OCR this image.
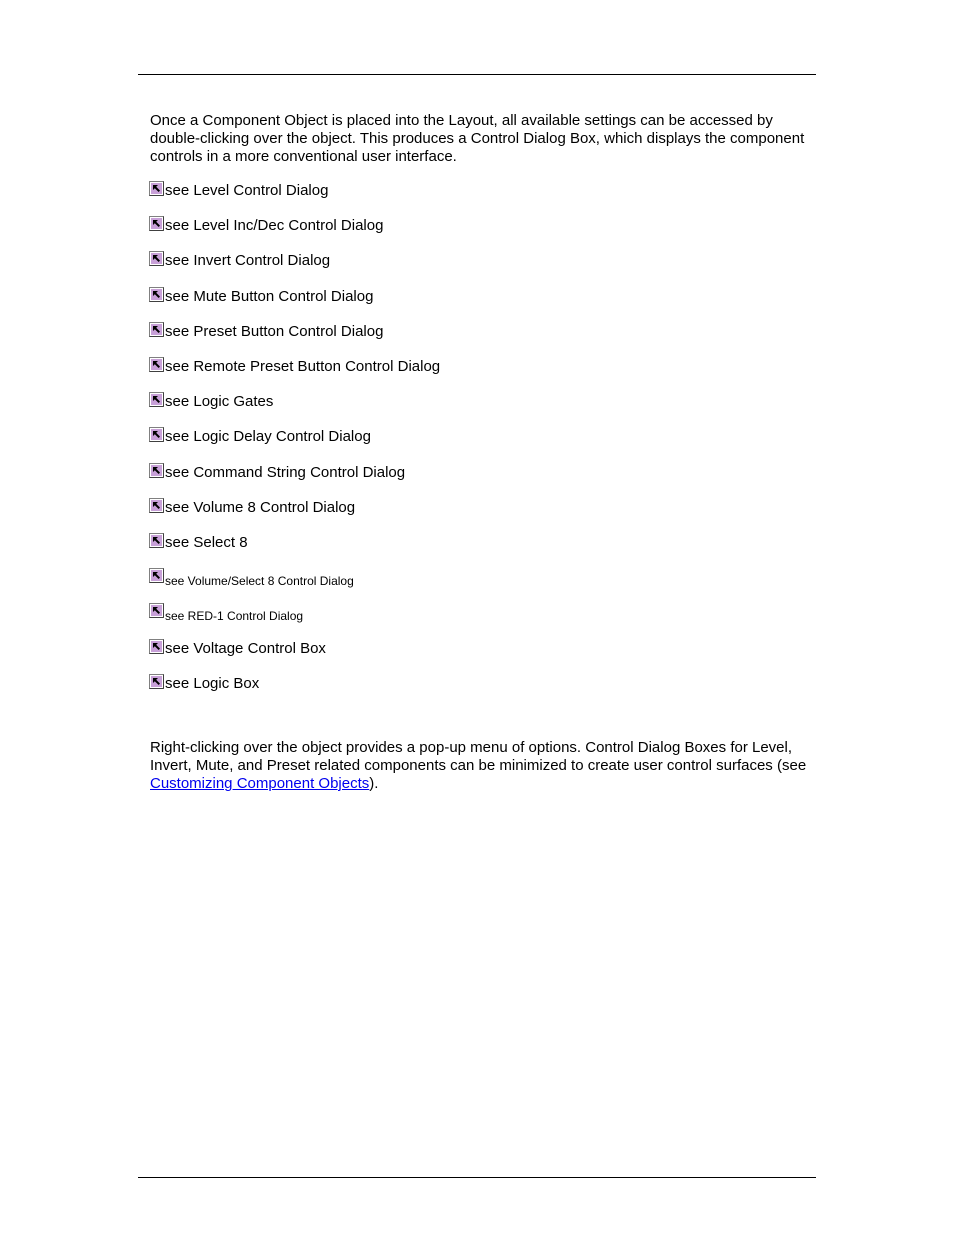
Once a Component Object is placed into the Layout, all available settings can be accessed by double-clicking over the object. This produces a Control Dialog Box, which displays the component controls in a more conventional user interface.

see Level Control Dialog
see Level Inc/Dec Control Dialog
see Invert Control Dialog
see Mute Button Control Dialog
see Preset Button Control Dialog
see Remote Preset Button Control Dialog
see Logic Gates
see Logic Delay Control Dialog
see Command String Control Dialog
see Volume 8 Control Dialog
see Select 8
see Volume/Select 8 Control Dialog
see RED-1 Control Dialog
see Voltage Control Box
see Logic Box

Right-clicking over the object provides a pop-up menu of options. Control Dialog Boxes for Level, Invert, Mute, and Preset related components can be minimized to create user control surfaces (see Customizing Component Objects).
